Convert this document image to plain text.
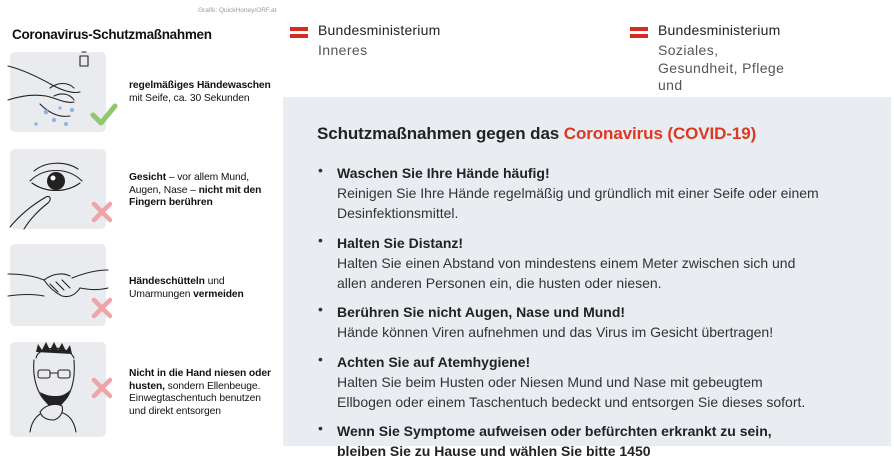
Grafik: QuickHoney/ORF.at
Coronavirus-Schutzmaßnahmen
regelmäßiges Händewaschen mit Seife, ca. 30 Sekunden
Gesicht – vor allem Mund, Augen, Nase – nicht mit den Fingern berühren
Händeschütteln und Umarmungen vermeiden
Nicht in die Hand niesen oder husten, sondern Ellenbeuge. Einwegtaschentuch benutzen und direkt entsorgen
Bundesministerium
Inneres
Bundesministerium
Soziales, Gesundheit, Pflege
und
Schutzmaßnahmen gegen das Coronavirus (COVID-19)
• Waschen Sie Ihre Hände häufig!
Reinigen Sie Ihre Hände regelmäßig und gründlich mit einer Seife oder einem
Desinfektionsmittel.
• Halten Sie Distanz!
Halten Sie einen Abstand von mindestens einem Meter zwischen sich und
allen anderen Personen ein, die husten oder niesen.
• Berühren Sie nicht Augen, Nase und Mund!
Hände können Viren aufnehmen und das Virus im Gesicht übertragen!
• Achten Sie auf Atemhygiene!
Halten Sie beim Husten oder Niesen Mund und Nase mit gebeugtem
Ellbogen oder einem Taschentuch bedeckt und entsorgen Sie dieses sofort.
• Wenn Sie Symptome aufweisen oder befürchten erkrankt zu sein,
bleiben Sie zu Hause und wählen Sie bitte 1450
